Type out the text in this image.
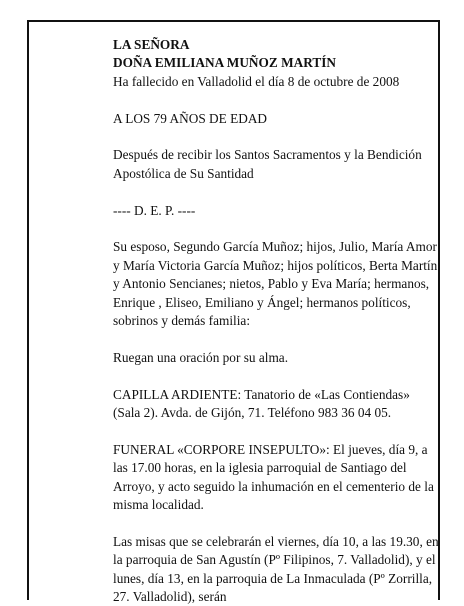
LA SEÑORA

DOÑA EMILIANA MUÑOZ MARTÍN

Ha fallecido en Valladolid el día 8 de octubre de 2008

A LOS 79 AÑOS DE EDAD

Después de recibir los Santos Sacramentos y la Bendición Apostólica de Su Santidad

---- D. E. P. ----

Su esposo, Segundo García Muñoz; hijos, Julio, María Amor y María Victoria García Muñoz; hijos políticos, Berta Martín y Antonio Sencianes; nietos, Pablo y Eva María; hermanos, Enrique , Eliseo, Emiliano y Ángel; hermanos políticos, sobrinos y demás familia:

Ruegan una oración por su alma.

CAPILLA ARDIENTE: Tanatorio de «Las Contiendas» (Sala 2). Avda. de Gijón, 71. Teléfono 983 36 04 05.

FUNERAL «CORPORE INSEPULTO»: El jueves, día 9, a las 17.00 horas, en la iglesia parroquial de Santiago del Arroyo, y acto seguido la inhumación en el cementerio de la misma localidad.

Las misas que se celebrarán el viernes, día 10, a las 19.30, en la parroquia de San Agustín (Pº Filipinos, 7. Valladolid), y el lunes, día 13, en la parroquia de La Inmaculada (Pº Zorrilla, 27. Valladolid), serán
